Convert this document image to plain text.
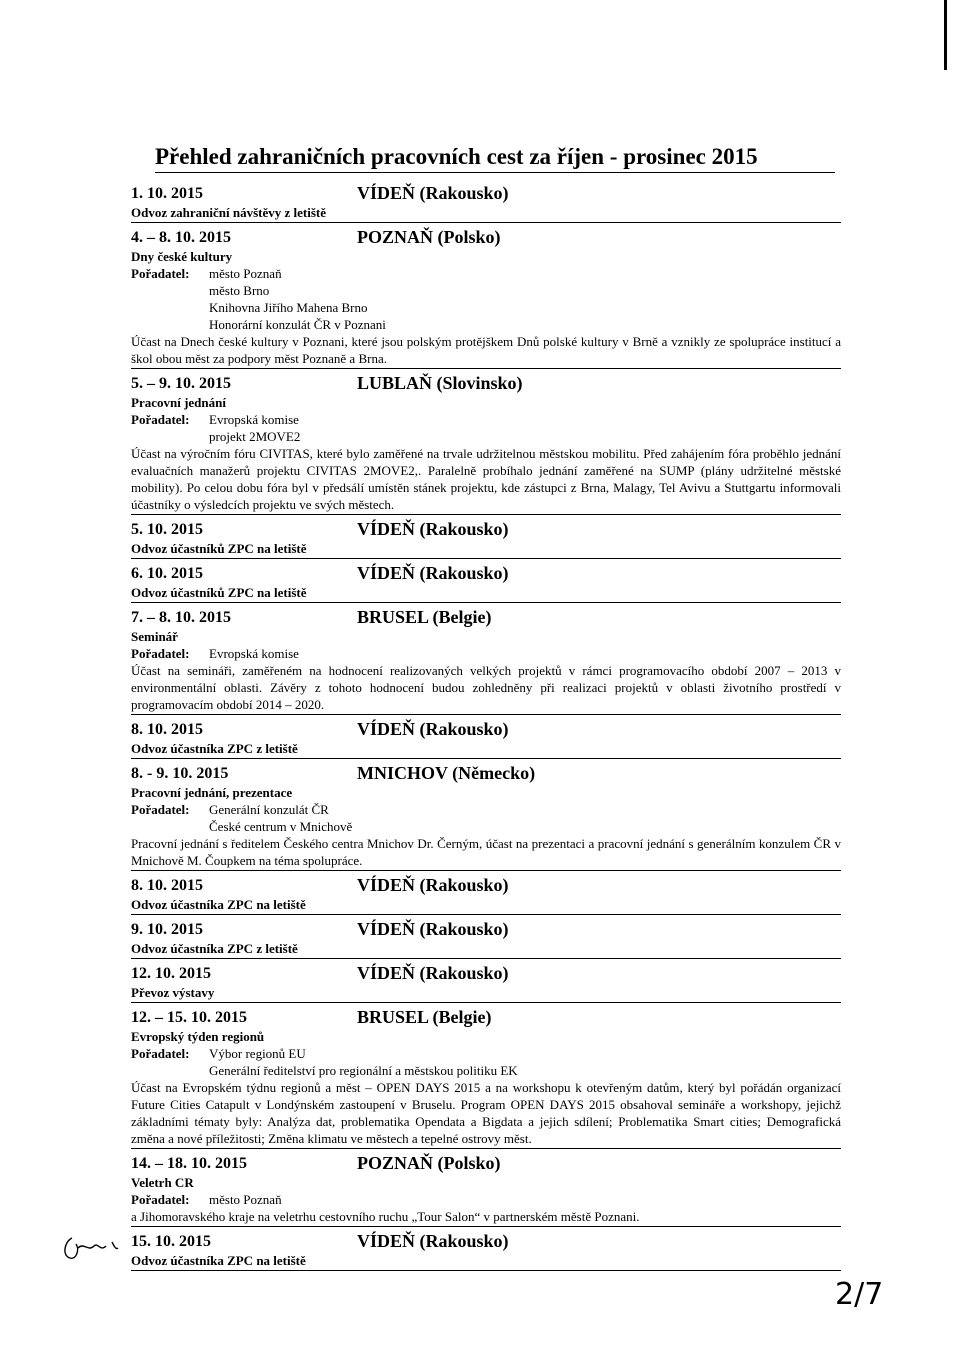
Přehled zahraničních pracovních cest za říjen - prosinec 2015
1. 10. 2015	VÍDEŇ (Rakousko)
Odvoz zahraniční návštěvy z letiště
4. – 8. 10. 2015	POZNAŇ (Polsko)
Dny české kultury
Pořadatel: město Poznaň
město Brno
Knihovna Jiřího Mahena Brno
Honorární konzulát ČR v Poznani
Účast na Dnech české kultury v Poznani, které jsou polským protějškem Dnů polské kultury v Brně a vznikly ze spolupráce institucí a škol obou měst za podpory měst Poznaně a Brna.
5. – 9. 10. 2015	LUBLAŇ (Slovinsko)
Pracovní jednání
Pořadatel: Evropská komise
projekt 2MOVE2
Účast na výročním fóru CIVITAS, které bylo zaměřené na trvale udržitelnou městskou mobilitu. Před zahájením fóra proběhlo jednání evaluačních manažerů projektu CIVITAS 2MOVE2,. Paralelně probíhalo jednání zaměřené na SUMP (plány udržitelné městské mobility). Po celou dobu fóra byl v předsálí umístěn stánek projektu, kde zástupci z Brna, Malagy, Tel Avivu a Stuttgartu informovali účastníky o výsledcích projektu ve svých městech.
5. 10. 2015	VÍDEŇ (Rakousko)
Odvoz účastníků ZPC na letiště
6. 10. 2015	VÍDEŇ (Rakousko)
Odvoz účastníků ZPC na letiště
7. – 8. 10. 2015	BRUSEL (Belgie)
Seminář
Pořadatel: Evropská komise
Účast na semináři, zaměřeném na hodnocení realizovaných velkých projektů v rámci programovacího období 2007 – 2013 v environmentální oblasti. Závěry z tohoto hodnocení budou zohledněny při realizaci projektů v oblasti životního prostředí v programovacím období 2014 – 2020.
8. 10. 2015	VÍDEŇ (Rakousko)
Odvoz účastníka ZPC z letiště
8. - 9. 10. 2015	MNICHOV (Německo)
Pracovní jednání, prezentace
Pořadatel: Generální konzulát ČR
České centrum v Mnichově
Pracovní jednání s ředitelem Českého centra Mnichov Dr. Černým, účast na prezentaci a pracovní jednání s generálním konzulem ČR v Mnichově M. Čoupkem na téma spolupráce.
8. 10. 2015	VÍDEŇ (Rakousko)
Odvoz účastníka ZPC na letiště
9. 10. 2015	VÍDEŇ (Rakousko)
Odvoz účastníka ZPC z letiště
12. 10. 2015	VÍDEŇ (Rakousko)
Převoz výstavy
12. – 15. 10. 2015	BRUSEL (Belgie)
Evropský týden regionů
Pořadatel: Výbor regionů EU
Generální ředitelství pro regionální a městskou politiku EK
Účast na Evropském týdnu regionů a měst – OPEN DAYS 2015 a na workshopu k otevřeným datům, který byl pořádán organizací Future Cities Catapult v Londýnském zastoupení v Bruselu. Program OPEN DAYS 2015 obsahoval semináře a workshopy, jejichž základními tématy byly: Analýza dat, problematika Opendata a Bigdata a jejich sdílení; Problematika Smart cities; Demografická změna a nové příležitosti; Změna klimatu ve městech a tepelné ostrovy měst.
14. – 18. 10. 2015	POZNAŇ (Polsko)
Veletrh CR
Pořadatel: město Poznaň
a Jihomoravského kraje na veletrhu cestovního ruchu „Tour Salon“ v partnerském městě Poznani.
15. 10. 2015	VÍDEŇ (Rakousko)
Odvoz účastníka ZPC na letiště
2/7
